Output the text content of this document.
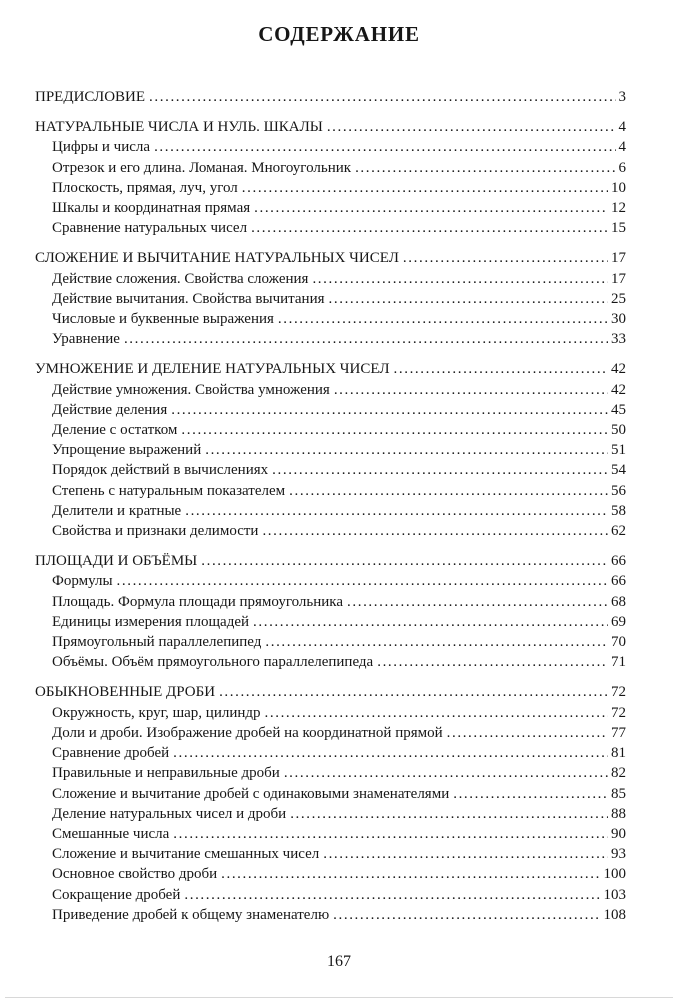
СОДЕРЖАНИЕ
ПРЕДИСЛОВИЕ .....	3
НАТУРАЛЬНЫЕ ЧИСЛА И НУЛЬ. ШКАЛЫ .....	4
Цифры и числа .....	4
Отрезок и его длина. Ломаная. Многоугольник .....	6
Плоскость, прямая, луч, угол .....	10
Шкалы и координатная прямая .....	12
Сравнение натуральных чисел .....	15
СЛОЖЕНИЕ И ВЫЧИТАНИЕ НАТУРАЛЬНЫХ ЧИСЕЛ .....	17
Действие сложения. Свойства сложения .....	17
Действие вычитания. Свойства вычитания .....	25
Числовые и буквенные выражения .....	30
Уравнение .....	33
УМНОЖЕНИЕ И ДЕЛЕНИЕ НАТУРАЛЬНЫХ ЧИСЕЛ .....	42
Действие умножения. Свойства умножения .....	42
Действие деления .....	45
Деление с остатком .....	50
Упрощение выражений .....	51
Порядок действий в вычислениях .....	54
Степень с натуральным показателем .....	56
Делители и кратные .....	58
Свойства и признаки делимости .....	62
ПЛОЩАДИ И ОБЪЁМЫ .....	66
Формулы .....	66
Площадь. Формула площади прямоугольника .....	68
Единицы измерения площадей .....	69
Прямоугольный параллелепипед .....	70
Объёмы. Объём прямоугольного параллелепипеда .....	71
ОБЫКНОВЕННЫЕ ДРОБИ .....	72
Окружность, круг, шар, цилиндр .....	72
Доли и дроби. Изображение дробей на координатной прямой .....	77
Сравнение дробей .....	81
Правильные и неправильные дроби .....	82
Сложение и вычитание дробей с одинаковыми знаменателями .....	85
Деление натуральных чисел и дроби .....	88
Смешанные числа .....	90
Сложение и вычитание смешанных чисел .....	93
Основное свойство дроби .....	100
Сокращение дробей .....	103
Приведение дробей к общему знаменателю .....	108
167
